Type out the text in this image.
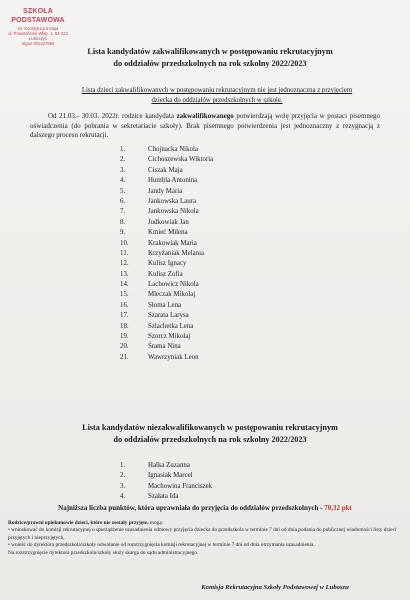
SZKOŁA PODSTAWOWA
im. Konstytucji 3 Maja
ul. Powstańców Wlkp. 1, 64-423 Luboszyn
regon 001227868
Lista kandydatów zakwalifikowanych w postępowaniu rekrutacyjnym
do oddziałów przedszkolnych na rok szkolny 2022/2023
Lista dzieci zakwalifikowanych w postępowaniu rekrutacyjnym nie jest jednoznaczna z przyjęciem
dziecka do oddziałów przedszkolnych w szkole.
Od 21.03.- 30.03. 2022r. rodzice kandydata zakwalifikowanego potwierdzają wolę przyjęcia w postaci pisemnego oświadczenia (do pobrania w sekretariacie szkoły). Brak pisemnego potwierdzenia jest jednoznaczny z rezygnacją z dalszego procesu rekrutacji.
1.	Chojnacka Nikola
2.	Cichoszewska Wiktoria
3.	Ciszak Maja
4.	Humbla Antonina
5.	Jandy Maria
6.	Jankowska Laura
7.	Jankowska Nikola
8.	Judkowiak Jan
9.	Kmieć Milena
10.	Krakowiak Maria
11.	Krzyżaniak Melania
12.	Kulisz Ignacy
13.	Kulisz Zofia
14.	Lachowicz Nikola
15.	Mleczak Mikołaj
16.	Słoma Lena
17.	Szarata Larysa
18.	Szlachetka Lena
19.	Szorcz Mikołaj
20.	Śrama Nina
21.	Wawrzyniak Leon
Lista kandydatów niezakwalifikowanych w postępowaniu rekrutacyjnym
do oddziałów przedszkolnych na rok szkolny 2022/2023
1.	Halka Zuzanna
2.	Ignasiak Marcel
3.	Machowina Franciszek
4.	Szałata Ida
Najniższa liczba punktów, która uprawniała do przyjęcia do oddziałów przedszkolnych - 70,32 pkt

Rodzice/prawni opiekunowie dzieci, które nie zostały przyjęte, mogą:

• wnioskować do komisji rekrutacyjnej o sporządzenie uzasadnienia odmowy przyjęcia dziecka do przedszkola w terminie 7 dni od dnia podania do publicznej wiadomości listy dzieci przyjętych i nieprzyjętych,

• wnieść do dyrektora przedszkola/szkoły odwołanie od rozstrzygnięcia komisji rekrutacyjnej w terminie 7 dni od dnia otrzymania uzasadnienia.

Na rozstrzygnięcie dyrektora przedszkola/szkoły służy skarga do sądu administracyjnego.

Komisja Rekrutacyjna Szkoły Podstawowej w Luboszu
